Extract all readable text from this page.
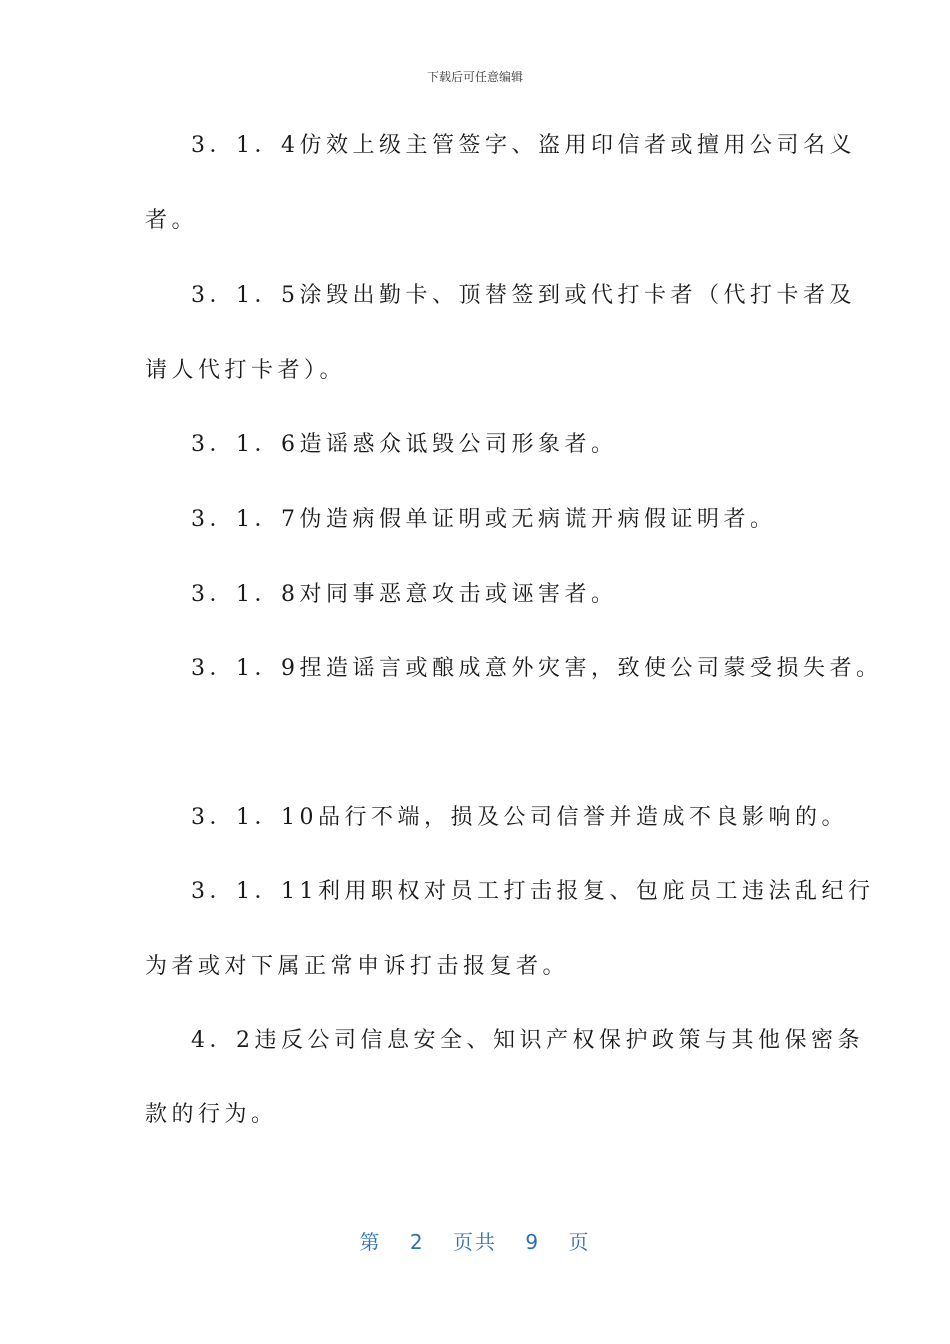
下载后可任意编辑
3．1．4仿效上级主管签字、盗用印信者或擅用公司名义
者。
3．1．5涂毁出勤卡、顶替签到或代打卡者（代打卡者及
请人代打卡者）。
3．1．6造谣惑众诋毁公司形象者。
3．1．7伪造病假单证明或无病谎开病假证明者。
3．1．8对同事恶意攻击或诬害者。
3．1．9捏造谣言或酿成意外灾害，致使公司蒙受损失者。
3．1．10品行不端，损及公司信誉并造成不良影响的。
3．1．11利用职权对员工打击报复、包庇员工违法乱纪行
为者或对下属正常申诉打击报复者。
4．2违反公司信息安全、知识产权保护政策与其他保密条
款的行为。
第 2 页共 9 页
